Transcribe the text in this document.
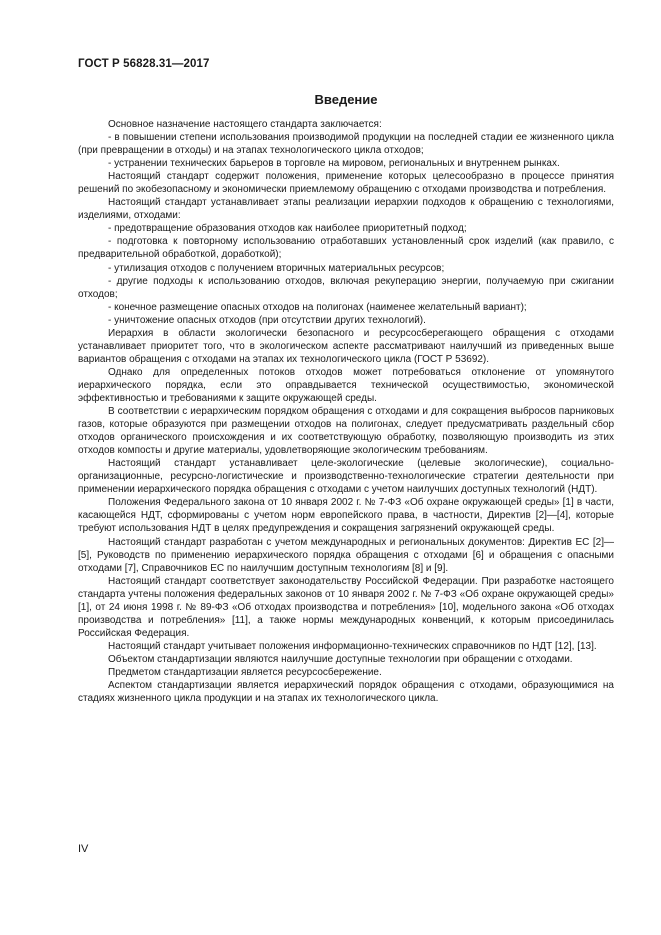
ГОСТ Р 56828.31—2017
Введение

Основное назначение настоящего стандарта заключается:

- в повышении степени использования производимой продукции на последней стадии ее жизненного цикла (при превращении в отходы) и на этапах технологического цикла отходов;

- устранении технических барьеров в торговле на мировом, региональных и внутреннем рынках.

Настоящий стандарт содержит положения, применение которых целесообразно в процессе принятия решений по экобезопасному и экономически приемлемому обращению с отходами производства и потребления.

Настоящий стандарт устанавливает этапы реализации иерархии подходов к обращению с технологиями, изделиями, отходами:

- предотвращение образования отходов как наиболее приоритетный подход;

- подготовка к повторному использованию отработавших установленный срок изделий (как правило, с предварительной обработкой, доработкой);

- утилизация отходов с получением вторичных материальных ресурсов;

- другие подходы к использованию отходов, включая рекуперацию энергии, получаемую при сжигании отходов;

- конечное размещение опасных отходов на полигонах (наименее желательный вариант);

- уничтожение опасных отходов (при отсутствии других технологий).

Иерархия в области экологически безопасного и ресурсосберегающего обращения с отходами устанавливает приоритет того, что в экологическом аспекте рассматривают наилучший из приведенных выше вариантов обращения с отходами на этапах их технологического цикла (ГОСТ Р 53692).

Однако для определенных потоков отходов может потребоваться отклонение от упомянутого иерархического порядка, если это оправдывается технической осуществимостью, экономической эффективностью и требованиями к защите окружающей среды.

В соответствии с иерархическим порядком обращения с отходами и для сокращения выбросов парниковых газов, которые образуются при размещении отходов на полигонах, следует предусматривать раздельный сбор отходов органического происхождения и их соответствующую обработку, позволяющую производить из этих отходов компосты и другие материалы, удовлетворяющие экологическим требованиям.

Настоящий стандарт устанавливает целе-экологические (целевые экологические), социально-организационные, ресурсно-логистические и производственно-технологические стратегии деятельности при применении иерархического порядка обращения с отходами с учетом наилучших доступных технологий (НДТ).

Положения Федерального закона от 10 января 2002 г. № 7-ФЗ «Об охране окружающей среды» [1] в части, касающейся НДТ, сформированы с учетом норм европейского права, в частности, Директив [2]—[4], которые требуют использования НДТ в целях предупреждения и сокращения загрязнений окружающей среды.

Настоящий стандарт разработан с учетом международных и региональных документов: Директив ЕС [2]—[5], Руководств по применению иерархического порядка обращения с отходами [6] и обращения с опасными отходами [7], Справочников ЕС по наилучшим доступным технологиям [8] и [9].

Настоящий стандарт соответствует законодательству Российской Федерации. При разработке настоящего стандарта учтены положения федеральных законов от 10 января 2002 г. № 7-ФЗ «Об охране окружающей среды» [1], от 24 июня 1998 г. № 89-ФЗ «Об отходах производства и потребления» [10], модельного закона «Об отходах производства и потребления» [11], а также нормы международных конвенций, к которым присоединилась Российская Федерация.

Настоящий стандарт учитывает положения информационно-технических справочников по НДТ [12], [13].

Объектом стандартизации являются наилучшие доступные технологии при обращении с отходами.

Предметом стандартизации является ресурсосбережение.

Аспектом стандартизации является иерархический порядок обращения с отходами, образующимися на стадиях жизненного цикла продукции и на этапах их технологического цикла.

IV
